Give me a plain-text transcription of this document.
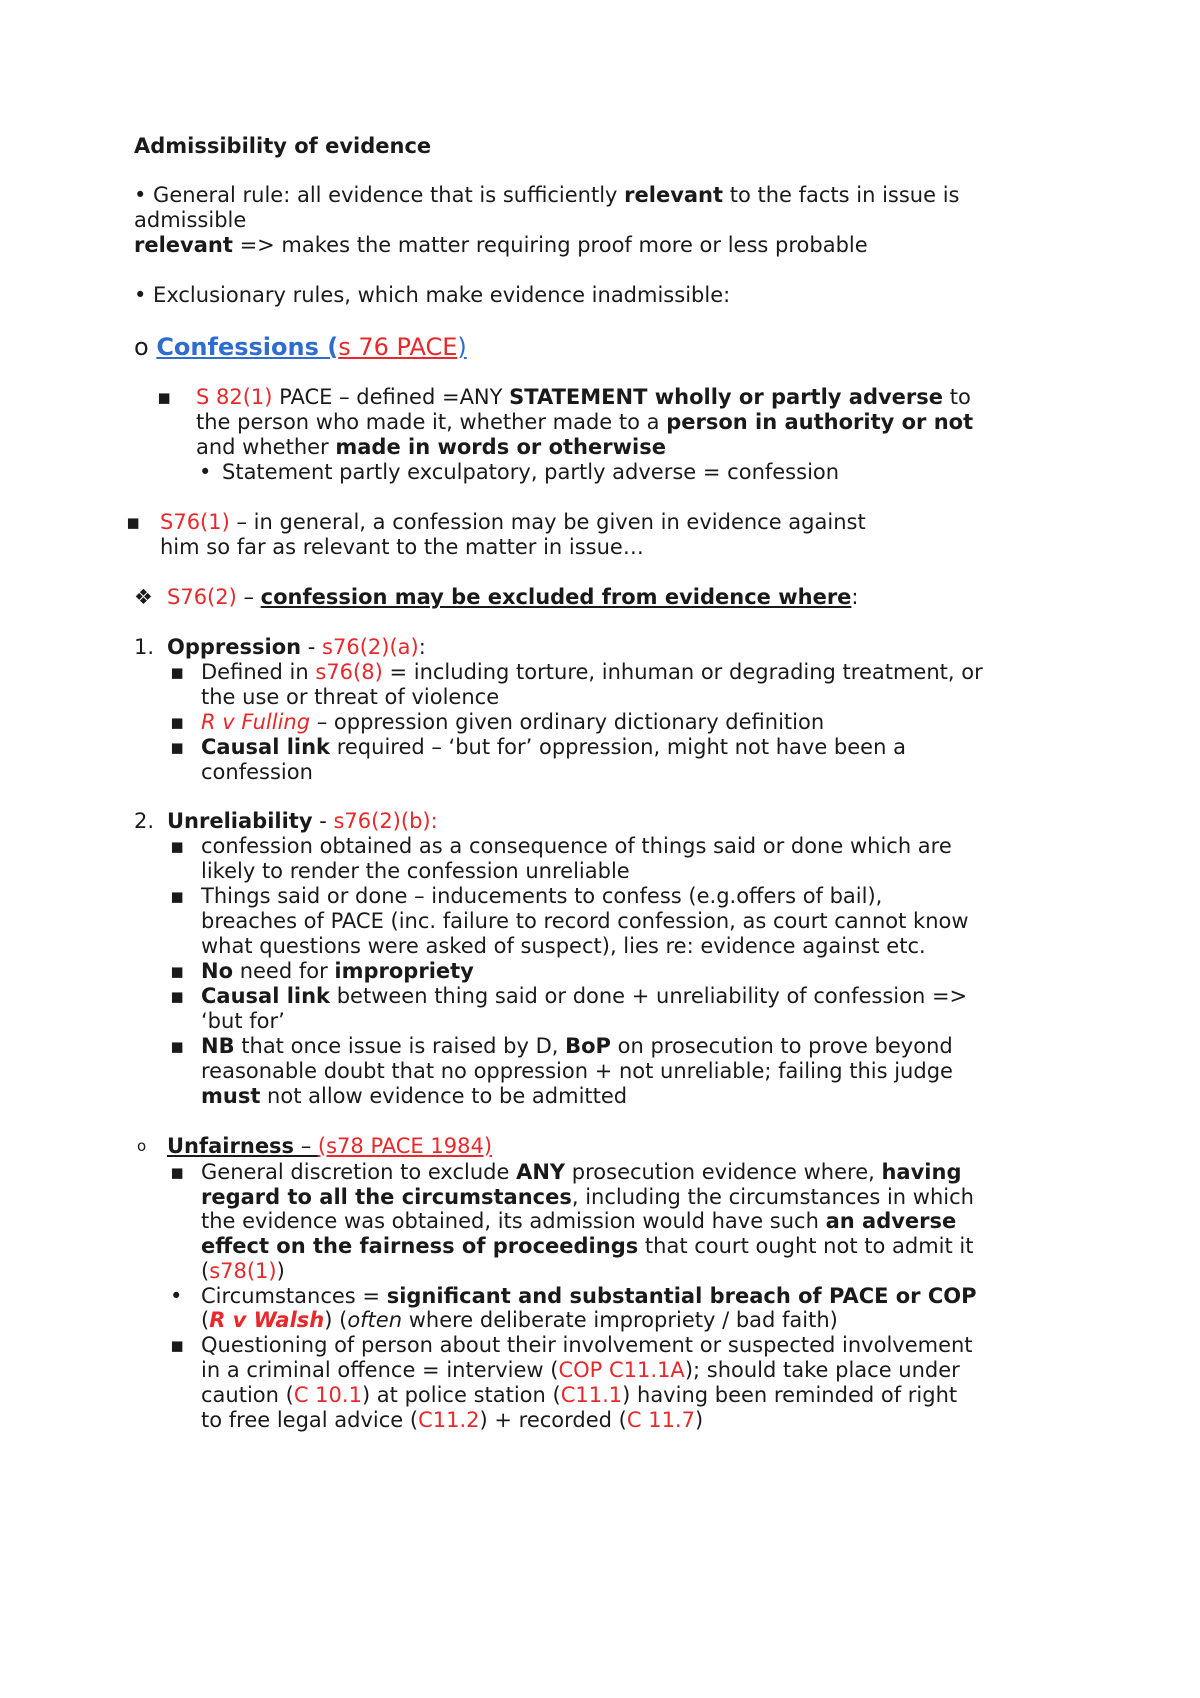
Admissibility of evidence
• General rule: all evidence that is sufficiently relevant to the facts in issue is
admissible
relevant => makes the matter requiring proof more or less probable
• Exclusionary rules, which make evidence inadmissible:
o Confessions (s 76 PACE)
▪ S 82(1) PACE – defined =ANY STATEMENT wholly or partly adverse to
the person who made it, whether made to a person in authority or not
and whether made in words or otherwise
• Statement partly exculpatory, partly adverse = confession
▪ S76(1) – in general, a confession may be given in evidence against
him so far as relevant to the matter in issue…
❖ S76(2) – confession may be excluded from evidence where:
1. Oppression - s76(2)(a):
▪ Defined in s76(8) = including torture, inhuman or degrading treatment, or
the use or threat of violence
▪ R v Fulling – oppression given ordinary dictionary definition
▪ Causal link required – ‘but for’ oppression, might not have been a
confession
2. Unreliability - s76(2)(b):
▪ confession obtained as a consequence of things said or done which are
likely to render the confession unreliable
▪ Things said or done – inducements to confess (e.g.offers of bail),
breaches of PACE (inc. failure to record confession, as court cannot know
what questions were asked of suspect), lies re: evidence against etc.
▪ No need for impropriety
▪ Causal link between thing said or done + unreliability of confession =>
‘but for’
▪ NB that once issue is raised by D, BoP on prosecution to prove beyond
reasonable doubt that no oppression + not unreliable; failing this judge
must not allow evidence to be admitted
o Unfairness – (s78 PACE 1984)
▪ General discretion to exclude ANY prosecution evidence where, having
regard to all the circumstances, including the circumstances in which
the evidence was obtained, its admission would have such an adverse
effect on the fairness of proceedings that court ought not to admit it
(s78(1))
• Circumstances = significant and substantial breach of PACE or COP
(R v Walsh) (often where deliberate impropriety / bad faith)
▪ Questioning of person about their involvement or suspected involvement
in a criminal offence = interview (COP C11.1A); should take place under
caution (C 10.1) at police station (C11.1) having been reminded of right
to free legal advice (C11.2) + recorded (C 11.7)
